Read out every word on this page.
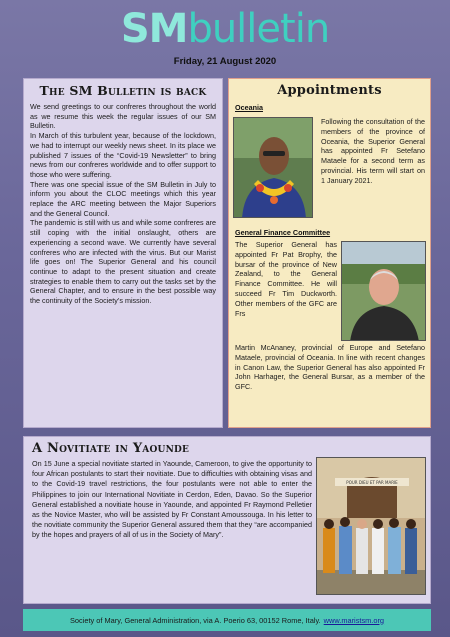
SMbulletin
Friday, 21 August 2020
The SM Bulletin is back

We send greetings to our confreres throughout the world as we resume this week the regular issues of our SM Bulletin.

In March of this turbulent year, because of the lockdown, we had to interrupt our weekly news sheet. In its place we published 7 issues of the “Covid-19 Newsletter” to bring news from our confreres worldwide and to offer support to those who were suffering.

There was one special issue of the SM Bulletin in July to inform you about the CLOC meetings which this year replace the ARC meeting between the Major Superiors and the General Council.

The pandemic is still with us and while some confreres are still coping with the initial onslaught, others are experiencing a second wave. We currently have several confreres who are infected with the virus. But our Marist life goes on! The Superior General and his council continue to adapt to the present situation and create strategies to enable them to carry out the tasks set by the General Chapter, and to ensure in the best possible way the continuity of the Society’s mission.

Appointments
Oceania
Following the consultation of the members of the province of Oceania, the Superior General has appointed Fr Setefano Mataele for a second term as provincial. His term will start on 1 January 2021.
General Finance Committee
The Superior General has appointed Fr Pat Brophy, the bursar of the province of New Zealand, to the General Finance Committee. He will succeed Fr Tim Duckworth. Other members of the GFC are Frs
Martin McAnaney, provincial of Europe and Setefano Mataele, provincial of Oceania. In line with recent changes in Canon Law, the Superior General has also appointed Fr John Harhager, the General Bursar, as a member of the GFC.
A Novitiate in Yaounde
On 15 June a special novitiate started in Yaounde, Cameroon, to give the opportunity to four African postulants to start their novitiate. Due to difficulties with obtaining visas and to the Covid-19 travel restrictions, the four postulants were not able to enter the Philippines to join our International Novitiate in Cerdon, Eden, Davao. So the Superior General established a novitiate house in Yaounde, and appointed Fr Raymond Pelletier as the Novice Master, who will be assisted by Fr Constant Amoussouga. In his letter to the novitiate community the Superior General assured them that they “are accompanied by the hopes and prayers of all of us in the Society of Mary”.
POUR DIEU ET PAR MARIE
Society of Mary, General Administration, via A. Poerio 63, 00152 Rome, Italy. www.maristsm.org
